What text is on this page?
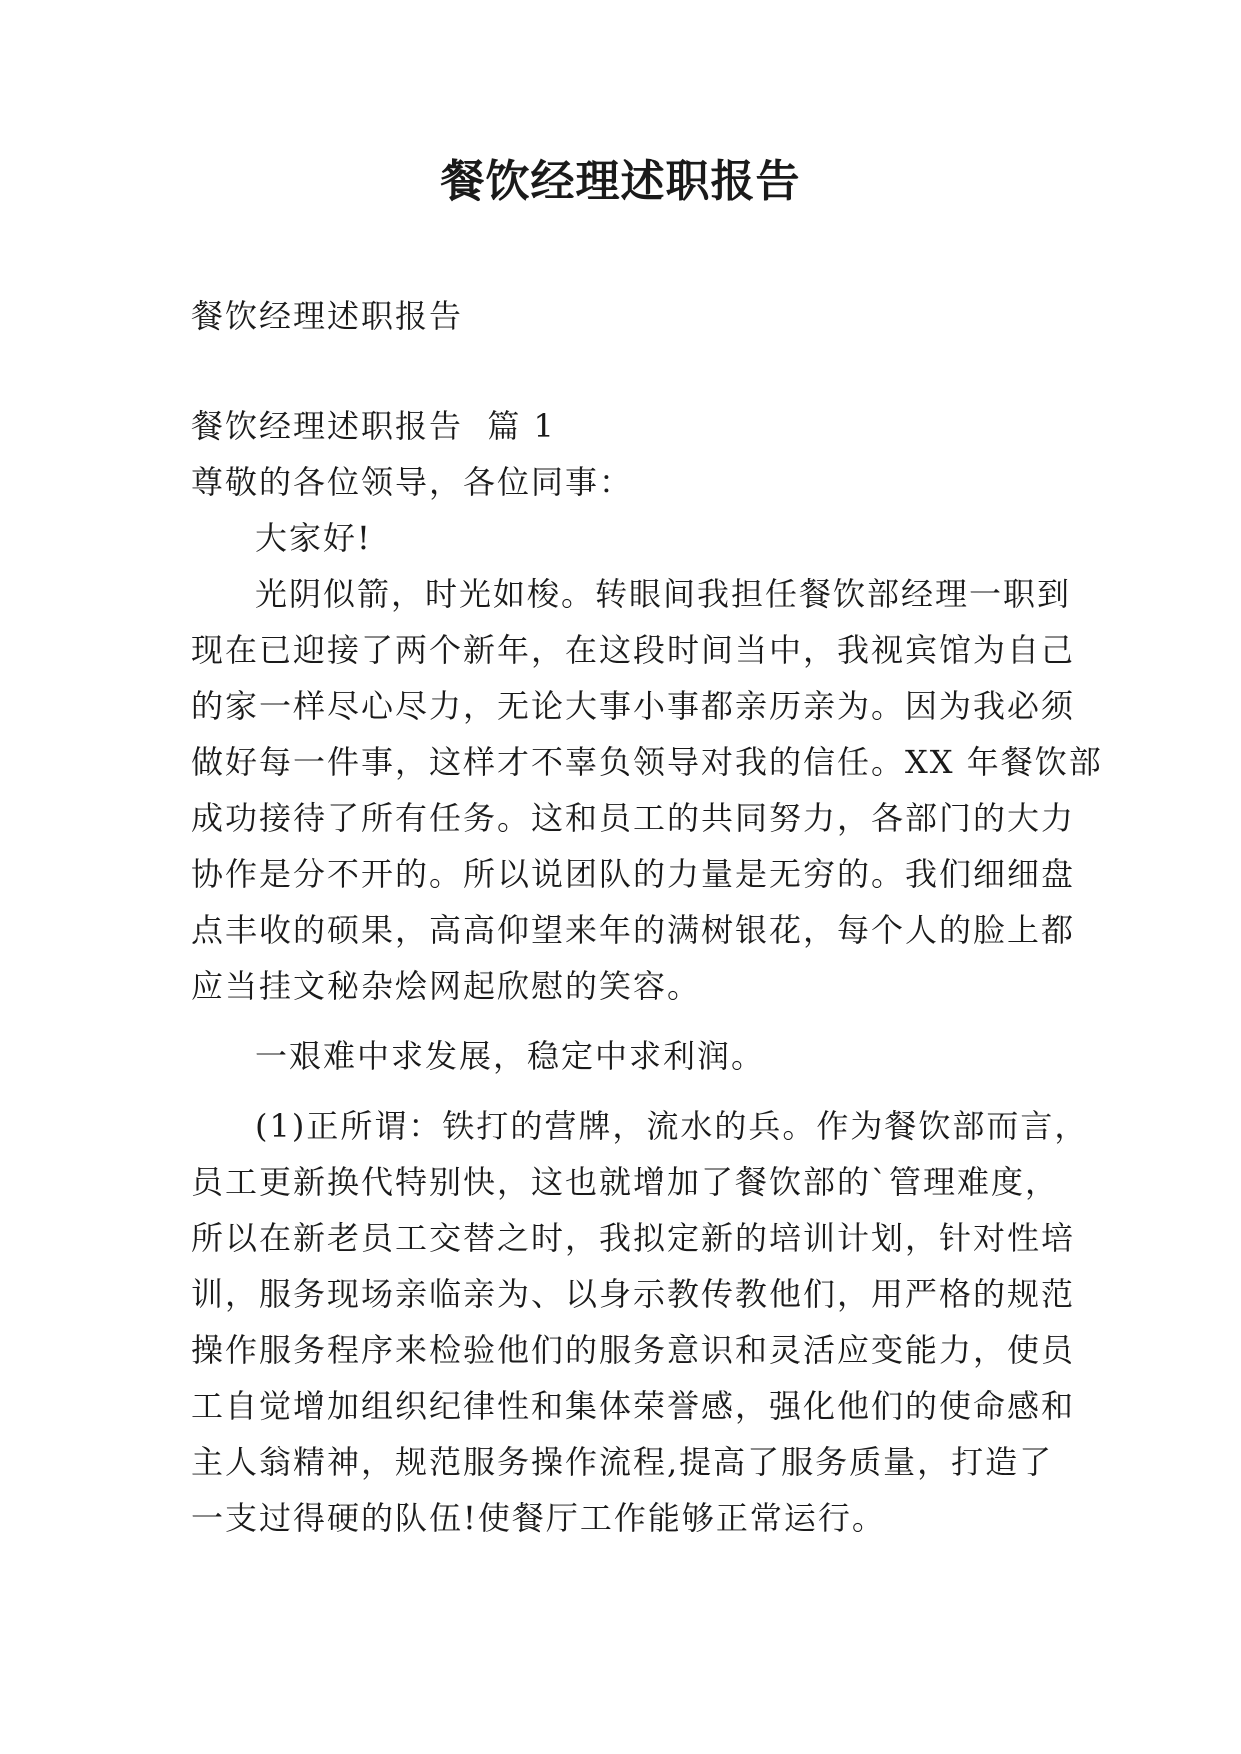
餐饮经理述职报告

餐饮经理述职报告

餐饮经理述职报告  篇 1

尊敬的各位领导，各位同事：

大家好!

光阴似箭，时光如梭。转眼间我担任餐饮部经理一职到

现在已迎接了两个新年，在这段时间当中，我视宾馆为自己

的家一样尽心尽力，无论大事小事都亲历亲为。因为我必须

做好每一件事，这样才不辜负领导对我的信任。XX 年餐饮部

成功接待了所有任务。这和员工的共同努力，各部门的大力

协作是分不开的。所以说团队的力量是无穷的。我们细细盘

点丰收的硕果，高高仰望来年的满树银花，每个人的脸上都

应当挂文秘杂烩网起欣慰的笑容。

一艰难中求发展，稳定中求利润。

(1)正所谓：铁打的营牌，流水的兵。作为餐饮部而言，

员工更新换代特别快，这也就增加了餐饮部的`管理难度，

所以在新老员工交替之时，我拟定新的培训计划，针对性培

训，服务现场亲临亲为、以身示教传教他们，用严格的规范

操作服务程序来检验他们的服务意识和灵活应变能力，使员

工自觉增加组织纪律性和集体荣誉感，强化他们的使命感和

主人翁精神，规范服务操作流程,提高了服务质量，打造了

一支过得硬的队伍!使餐厅工作能够正常运行。
